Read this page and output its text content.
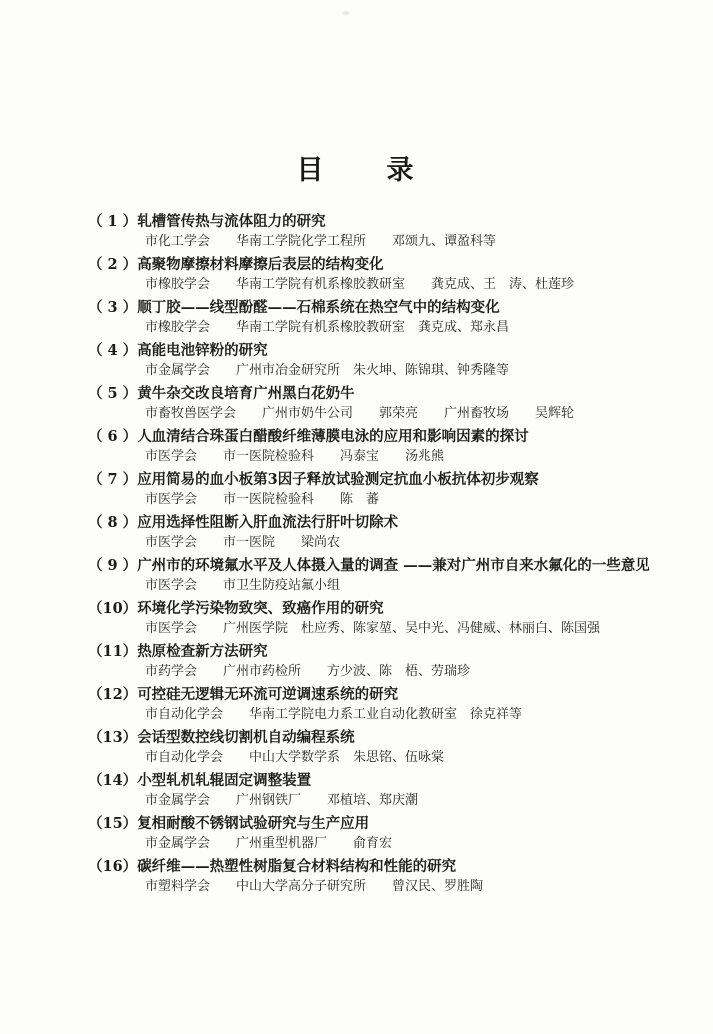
目　　录
（ 1 ）轧槽管传热与流体阻力的研究
市化工学会　　华南工学院化学工程所　　邓颂九、谭盈科等
（ 2 ）高聚物摩擦材料摩擦后表层的结构变化
市橡胶学会　　华南工学院有机系橡胶教研室　　龚克成、王　涛、杜莲珍
（ 3 ）顺丁胶——线型酚醛——石棉系统在热空气中的结构变化
市橡胶学会　　华南工学院有机系橡胶教研室　龚克成、郑永昌
（ 4 ）高能电池锌粉的研究
市金属学会　　广州市冶金研究所　朱火坤、陈锦琪、钟秀隆等
（ 5 ）黄牛杂交改良培育广州黑白花奶牛
市畜牧兽医学会　　广州市奶牛公司　　郭荣亮　　广州畜牧场　　吴辉轮
（ 6 ）人血清结合珠蛋白醋酸纤维薄膜电泳的应用和影响因素的探讨
市医学会　　市一医院检验科　　冯泰宝　　汤兆熊
（ 7 ）应用简易的血小板第3因子释放试验测定抗血小板抗体初步观察
市医学会　　市一医院检验科　　陈　蕃
（ 8 ）应用选择性阻断入肝血流法行肝叶切除术
市医学会　　市一医院　　梁尚农
（ 9 ）广州市的环境氟水平及人体摄入量的调查 ——兼对广州市自来水氟化的一些意见
市医学会　　市卫生防疫站氟小组
（10）环境化学污染物致突、致癌作用的研究
市医学会　　广州医学院　杜应秀、陈家堃、吴中光、冯健威、林丽白、陈国强
（11）热原检查新方法研究
市药学会　　广州市药检所　　方少波、陈　梧、劳瑞珍
（12）可控硅无逻辑无环流可逆调速系统的研究
市自动化学会　　华南工学院电力系工业自动化教研室　徐克祥等
（13）会话型数控线切割机自动编程系统
市自动化学会　　中山大学数学系　朱思铭、伍咏棠
（14）小型轧机轧辊固定调整装置
市金属学会　　广州钢铁厂　　邓植培、郑庆潮
（15）复相耐酸不锈钢试验研究与生产应用
市金属学会　　广州重型机器厂　　俞育宏
（16）碳纤维——热塑性树脂复合材料结构和性能的研究
市塑料学会　　中山大学高分子研究所　　曾汉民、罗胜陶
